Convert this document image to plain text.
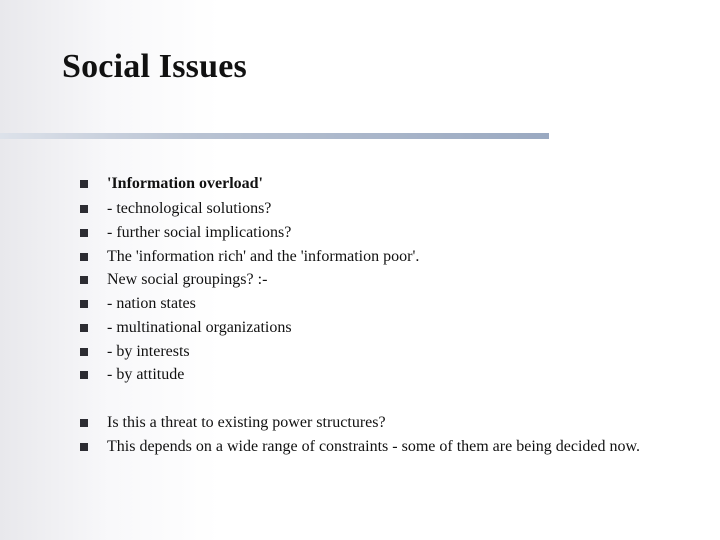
Social Issues
'Information overload'
- technological solutions?
- further social implications?
The 'information rich' and the 'information poor'.
New social groupings? :-
- nation states
- multinational organizations
- by interests
- by attitude
Is this a threat to existing power structures?
This depends on a wide range of constraints - some of them are being decided now.
